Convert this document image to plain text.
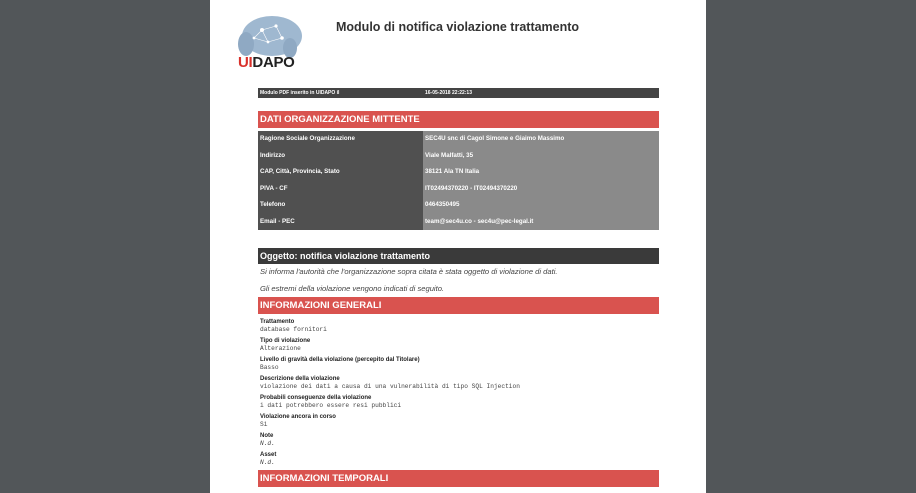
UIDAPO
Modulo di notifica violazione trattamento
Modulo PDF inserito in UIDAPO il	16-05-2018 22:22:13
DATI ORGANIZZAZIONE MITTENTE
Ragione Sociale Organizzazione	SEC4U snc di Cagol Simone e Giaimo Massimo
Indirizzo	Viale Malfatti, 35
CAP, Città, Provincia, Stato	38121 Ala TN Italia
PIVA - CF	IT02494370220 - IT02494370220
Telefono	0464350495
Email - PEC	team@sec4u.co - sec4u@pec-legal.it
Oggetto: notifica violazione trattamento
Si informa l'autorità che l'organizzazione sopra citata è stata oggetto di violazione di dati.
Gli estremi della violazione vengono indicati di seguito.
INFORMAZIONI GENERALI
Trattamento
database fornitori
Tipo di violazione
Alterazione
Livello di gravità della violazione (percepito dal Titolare)
Basso
Descrizione della violazione
violazione dei dati a causa di una vulnerabilità di tipo SQL Injection
Probabili conseguenze della violazione
i dati potrebbero essere resi pubblici
Violazione ancora in corso
Sì
Note
N.d.
Asset
N.d.
INFORMAZIONI TEMPORALI
